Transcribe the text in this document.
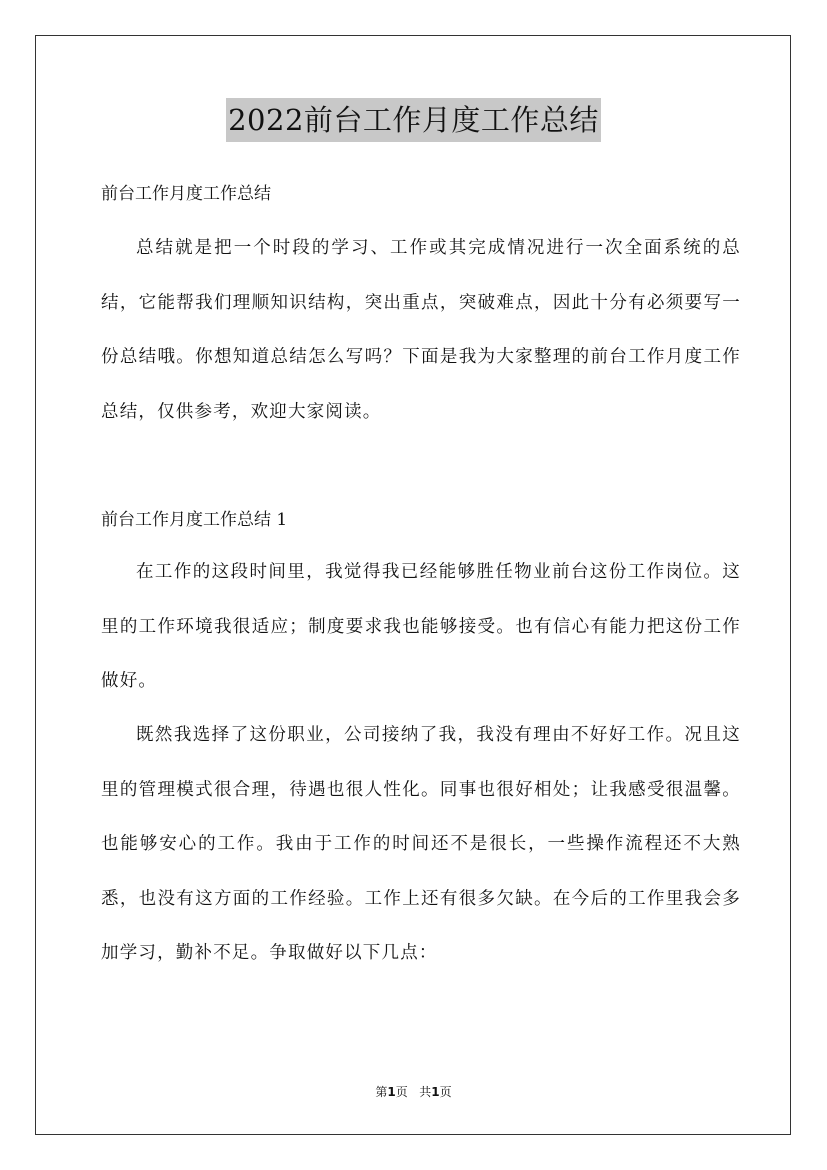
2022前台工作月度工作总结
前台工作月度工作总结

总结就是把一个时段的学习、工作或其完成情况进行一次全面系统的总结，它能帮我们理顺知识结构，突出重点，突破难点，因此十分有必须要写一份总结哦。你想知道总结怎么写吗？下面是我为大家整理的前台工作月度工作总结，仅供参考，欢迎大家阅读。

前台工作月度工作总结 1

在工作的这段时间里，我觉得我已经能够胜任物业前台这份工作岗位。这里的工作环境我很适应；制度要求我也能够接受。也有信心有能力把这份工作做好。

既然我选择了这份职业，公司接纳了我，我没有理由不好好工作。况且这里的管理模式很合理，待遇也很人性化。同事也很好相处；让我感受很温馨。也能够安心的工作。我由于工作的时间还不是很长，一些操作流程还不大熟悉，也没有这方面的工作经验。工作上还有很多欠缺。在今后的工作里我会多加学习，勤补不足。争取做好以下几点：

第1页 共1页
